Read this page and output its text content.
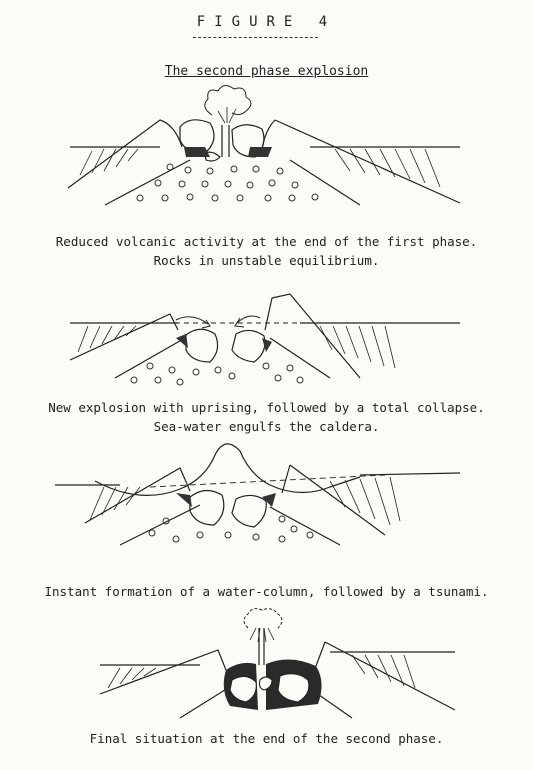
FIGURE 4
The second phase explosion
Reduced volcanic activity at the end of the first phase.
Rocks in unstable equilibrium.
New explosion with uprising, followed by a total collapse.
Sea-water engulfs the caldera.
Instant formation of a water-column, followed by a tsunami.
Final situation at the end of the second phase.
